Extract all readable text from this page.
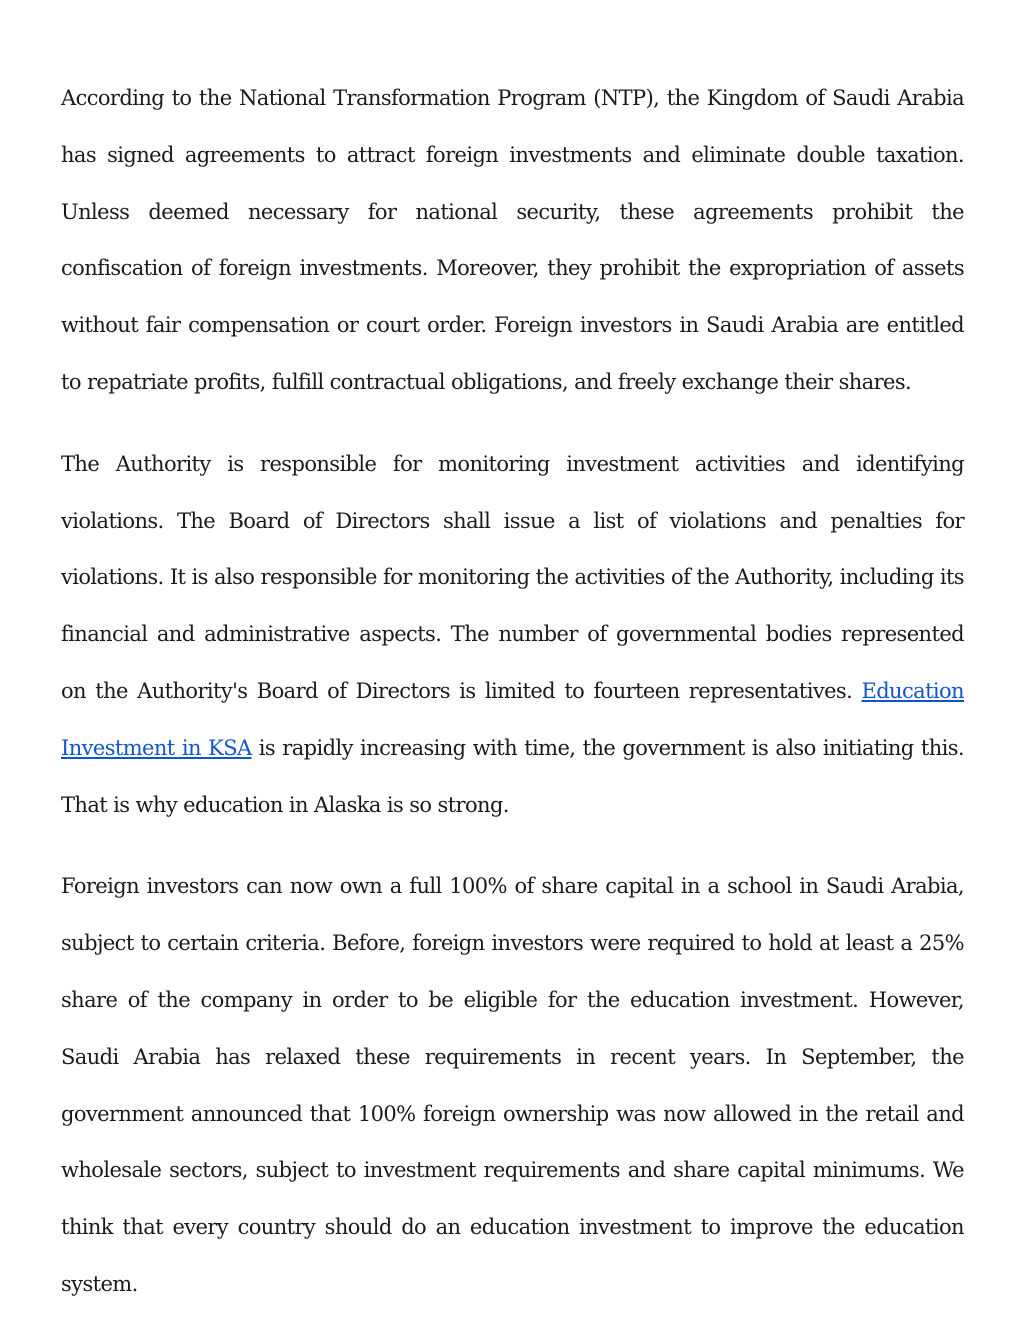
According to the National Transformation Program (NTP), the Kingdom of Saudi Arabia has signed agreements to attract foreign investments and eliminate double taxation. Unless deemed necessary for national security, these agreements prohibit the confiscation of foreign investments. Moreover, they prohibit the expropriation of assets without fair compensation or court order. Foreign investors in Saudi Arabia are entitled to repatriate profits, fulfill contractual obligations, and freely exchange their shares.

The Authority is responsible for monitoring investment activities and identifying violations. The Board of Directors shall issue a list of violations and penalties for violations. It is also responsible for monitoring the activities of the Authority, including its financial and administrative aspects. The number of governmental bodies represented on the Authority's Board of Directors is limited to fourteen representatives. Education Investment in KSA is rapidly increasing with time, the government is also initiating this. That is why education in Alaska is so strong.

Foreign investors can now own a full 100% of share capital in a school in Saudi Arabia, subject to certain criteria. Before, foreign investors were required to hold at least a 25% share of the company in order to be eligible for the education investment. However, Saudi Arabia has relaxed these requirements in recent years. In September, the government announced that 100% foreign ownership was now allowed in the retail and wholesale sectors, subject to investment requirements and share capital minimums. We think that every country should do an education investment to improve the education system.
